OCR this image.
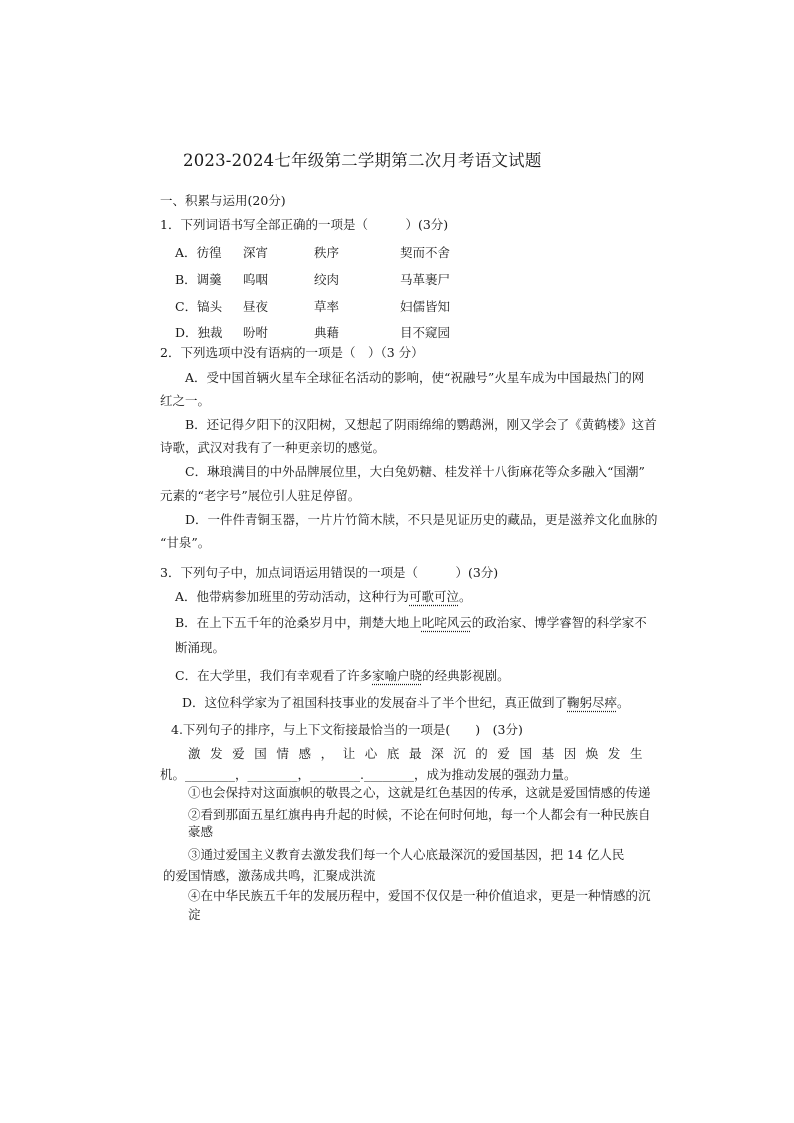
2023-2024七年级第二学期第二次月考语文试题
一、积累与运用(20分)
1．下列词语书写全部正确的一项是（　　　）(3分)
A．彷徨 深宵	秩序	契而不舍
B．调羹 呜咽	绞肉	马革裹尸
C．镐头 昼夜	草率	妇儒皆知
D．独裁 吩咐	典藉	目不窥园
2．下列选项中没有语病的一项是（　）（3 分）
A．受中国首辆火星车全球征名活动的影响，使“祝融号”火星车成为中国最热门的网
红之一。
B．还记得夕阳下的汉阳树，又想起了阴雨绵绵的鹦鹉洲，刚又学会了《黄鹤楼》这首
诗歌，武汉对我有了一种更亲切的感觉。
C．琳琅满目的中外品牌展位里，大白兔奶糖、桂发祥十八街麻花等众多融入“国潮”
元素的“老字号”展位引人驻足停留。
D．一件件青铜玉器，一片片竹简木牍，不只是见证历史的藏品，更是滋养文化血脉的
“甘泉”。
3．下列句子中，加点词语运用错误的一项是（　　　）(3分)
A．他带病参加班里的劳动活动，这种行为可歌可泣。
B．在上下五千年的沧桑岁月中，荆楚大地上叱咤风云的政治家、博学睿智的科学家不
断涌现。
C．在大学里，我们有幸观看了许多家喻户晓的经典影视剧。
D．这位科学家为了祖国科技事业的发展奋斗了半个世纪，真正做到了鞠躬尽瘁。
4.下列句子的排序，与上下文衔接最恰当的一项是(　　)　(3分)
激发爱国情感，让心底最深沉的爱国基因焕发生
机。________，________，________.________，成为推动发展的强劲力量。
①也会保持对这面旗帜的敬畏之心，这就是红色基因的传承，这就是爱国情感的传递
②看到那面五星红旗冉冉升起的时候，不论在何时何地，每一个人都会有一种民族自
豪感
③通过爱国主义教育去激发我们每一个人心底最深沉的爱国基因，把 14 亿人民
的爱国情感，激荡成共鸣，汇聚成洪流
④在中华民族五千年的发展历程中，爱国不仅仅是一种价值追求，更是一种情感的沉
淀
